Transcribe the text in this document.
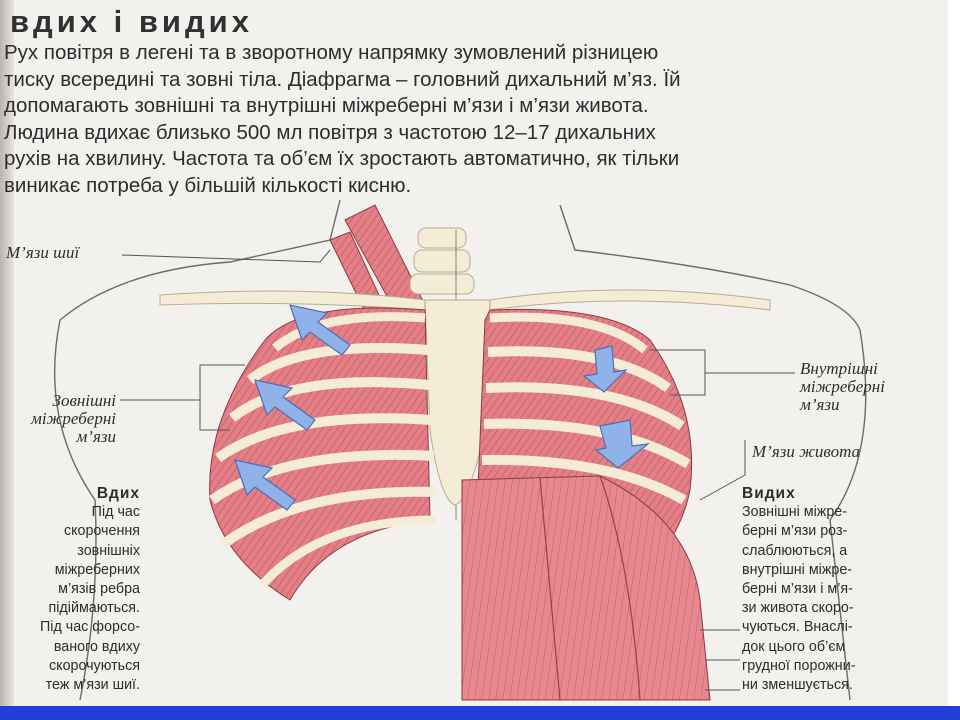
вдих і видих
Рух повітря в легені та в зворотному напрямку зумовлений різницею
тиску всередині та зовні тіла. Діафрагма – головний дихальний м’яз. Їй
допомагають зовнішні та внутрішні міжреберні м’язи і м’язи живота.
Людина вдихає близько 500 мл повітря з частотою 12–17 дихальних
рухів на хвилину. Частота та об’єм їх зростають автоматично, як тільки
виникає потреба у більшій кількості кисню.
М’язи шиї
Зовнішні
міжреберні
м’язи
Внутрішні
міжреберні
м’язи
М’язи живота
Вдих
Під час
скорочення
зовнішніх
міжреберних
м’язів ребра
підіймаються.
Під час форсо-
ваного вдиху
скорочуються
теж м’язи шиї.
Видих
Зовнішні міжре-
берні м’язи роз-
слаблюються, а
внутрішні міжре-
берні м’язи і м’я-
зи живота скоро-
чуються. Внаслі-
док цього об’єм
грудної порожни-
ни зменшується.
